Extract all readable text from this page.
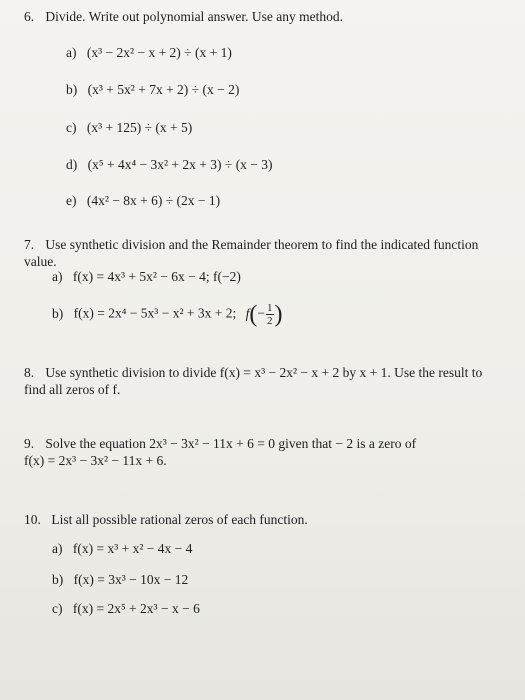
6. Divide. Write out polynomial answer. Use any method.
a) (x³ − 2x² − x + 2) ÷ (x + 1)
b) (x³ + 5x² + 7x + 2) ÷ (x − 2)
c) (x³ + 125) ÷ (x + 5)
d) (x⁵ + 4x⁴ − 3x² + 2x + 3) ÷ (x − 3)
e) (4x² − 8x + 6) ÷ (2x − 1)
7. Use synthetic division and the Remainder theorem to find the indicated function value.
a) f(x) = 4x³ + 5x² − 6x − 4; f(−2)
b) f(x) = 2x⁴ − 5x³ − x² + 3x + 2; $f(- \frac{1}{2}$ )
8. Use synthetic division to divide f(x) = x³ − 2x² − x + 2 by x + 1. Use the result to
find all zeros of f.
9. Solve the equation 2x³ − 3x² − 11x + 6 = 0 given that − 2 is a zero of
f(x) = 2x³ − 3x² − 11x + 6.
10. List all possible rational zeros of each function.
a) f(x) = x³ + x² − 4x − 4
b) f(x) = 3x³ − 10x − 12
c) f(x) = 2x⁵ + 2x³ − x − 6
